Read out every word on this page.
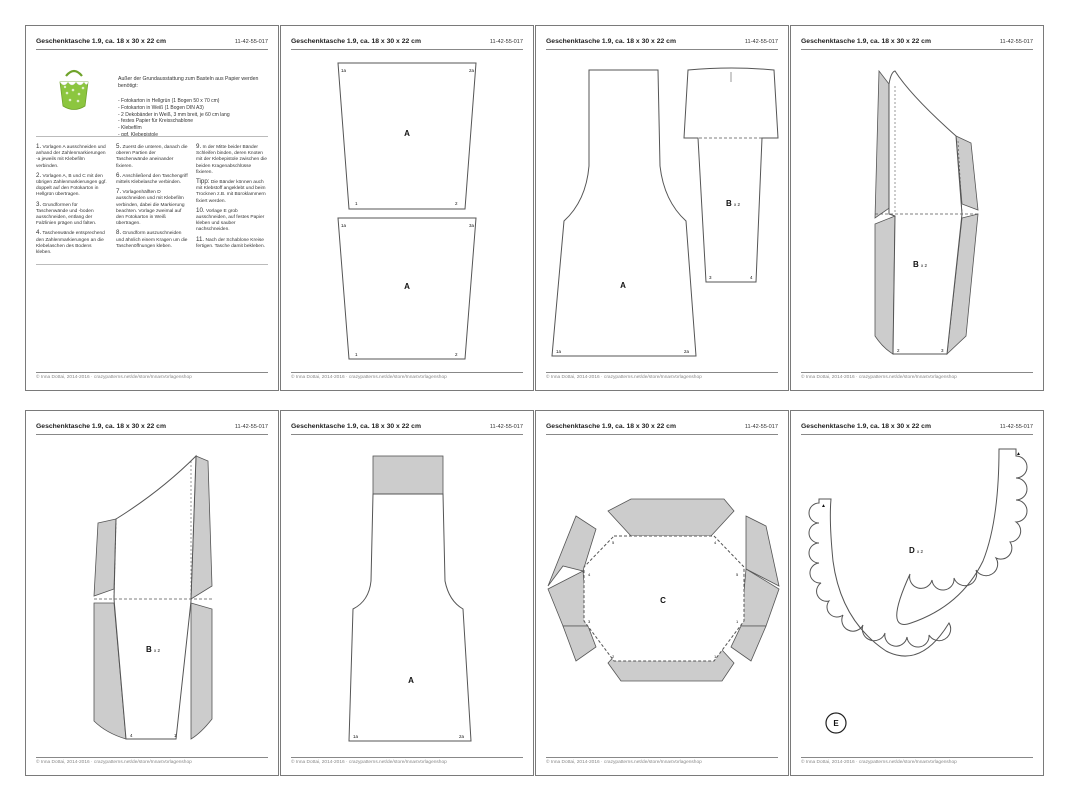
Geschenktasche 1.9, ca. 18 x 30 x 22 cm	11-42-55-017
Außer der Grundausstattung zum Basteln aus Papier werden benötigt:
- Fotokarton in Hellgrün (1 Bogen 50 x 70 cm)
- Fotokarton in Weiß (1 Bogen DIN A3)
- 2 Dekobänder in Weiß, 3 mm breit, je 60 cm lang
- festes Papier für Kreisschablone
- Klebefilm
- ggf. Klebepistole

1. Vorlagen A ausschneiden und anhand der Zahlenmarkierungen -a jeweils mit Klebefilm verbinden.

2. Vorlagen A, B und C mit den übrigen Zahlenmarkierungen ggf. doppelt auf den Fotokarton in Hellgrün übertragen.

3. Grundformen für Taschenwände und -boden ausschneiden, entlang der Falzlinien prägen und falten.

4. Taschenwände entsprechend den Zahlenmarkierungen an die Klebelaschen des Bodens kleben.

5. Zuerst die unteren, danach die oberen Partien der Taschenwände aneinander fixieren.

6. Anschließend den Taschengriff mittels Klebelasche verbinden.

7. Vorlagenhälften D ausschneiden und mit Klebefilm verbinden, dabei die Markierung beachten. Vorlage zweimal auf den Fotokarton in Weiß übertragen.

8. Grundform auszuschneiden und ähnlich einem Kragen um die Taschenöffnungen kleben.

9. In der Mitte beider Bänder Schleifen binden, deren Knoten mit der Klebepistole zwischen die beiden Kragenabschlüsse fixieren.

Tipp: Die Bänder können auch mit Klebstoff angeklebt und beim Trocknen z.B. mit Büroklammern fixiert werden.

10. Vorlage E grob ausschneiden, auf festes Papier kleben und sauber nachschneiden.

11. Nach der Schablone Kreise fertigen. Tasche damit bekleben.

© Inna Dottai, 2014-2016 · crazypatterns.net/de/store/InnasVorlagenshop
Geschenktasche 1.9, ca. 18 x 30 x 22 cm	11-42-55-017
A
A
1a	2a
1	2
1a	3a
1	2
© Inna Dottai, 2014-2016 · crazypatterns.net/de/store/InnasVorlagenshop
Geschenktasche 1.9, ca. 18 x 30 x 22 cm	11-42-55-017
A
B x 2
1a	2a
3	4
© Inna Dottai, 2014-2016 · crazypatterns.net/de/store/InnasVorlagenshop
Geschenktasche 1.9, ca. 18 x 30 x 22 cm	11-42-55-017
B x 2
2	3
© Inna Dottai, 2014-2016 · crazypatterns.net/de/store/InnasVorlagenshop
Geschenktasche 1.9, ca. 18 x 30 x 22 cm	11-42-55-017
B x 2
4	1
© Inna Dottai, 2014-2016 · crazypatterns.net/de/store/InnasVorlagenshop
Geschenktasche 1.9, ca. 18 x 30 x 22 cm	11-42-55-017
A
1a	2a
© Inna Dottai, 2014-2016 · crazypatterns.net/de/store/InnasVorlagenshop
Geschenktasche 1.9, ca. 18 x 30 x 22 cm	11-42-55-017
C
5	4
4	5
3	1
2	1
© Inna Dottai, 2014-2016 · crazypatterns.net/de/store/InnasVorlagenshop
Geschenktasche 1.9, ca. 18 x 30 x 22 cm	11-42-55-017
▲
▲
D x 2
E
© Inna Dottai, 2014-2016 · crazypatterns.net/de/store/InnasVorlagenshop
